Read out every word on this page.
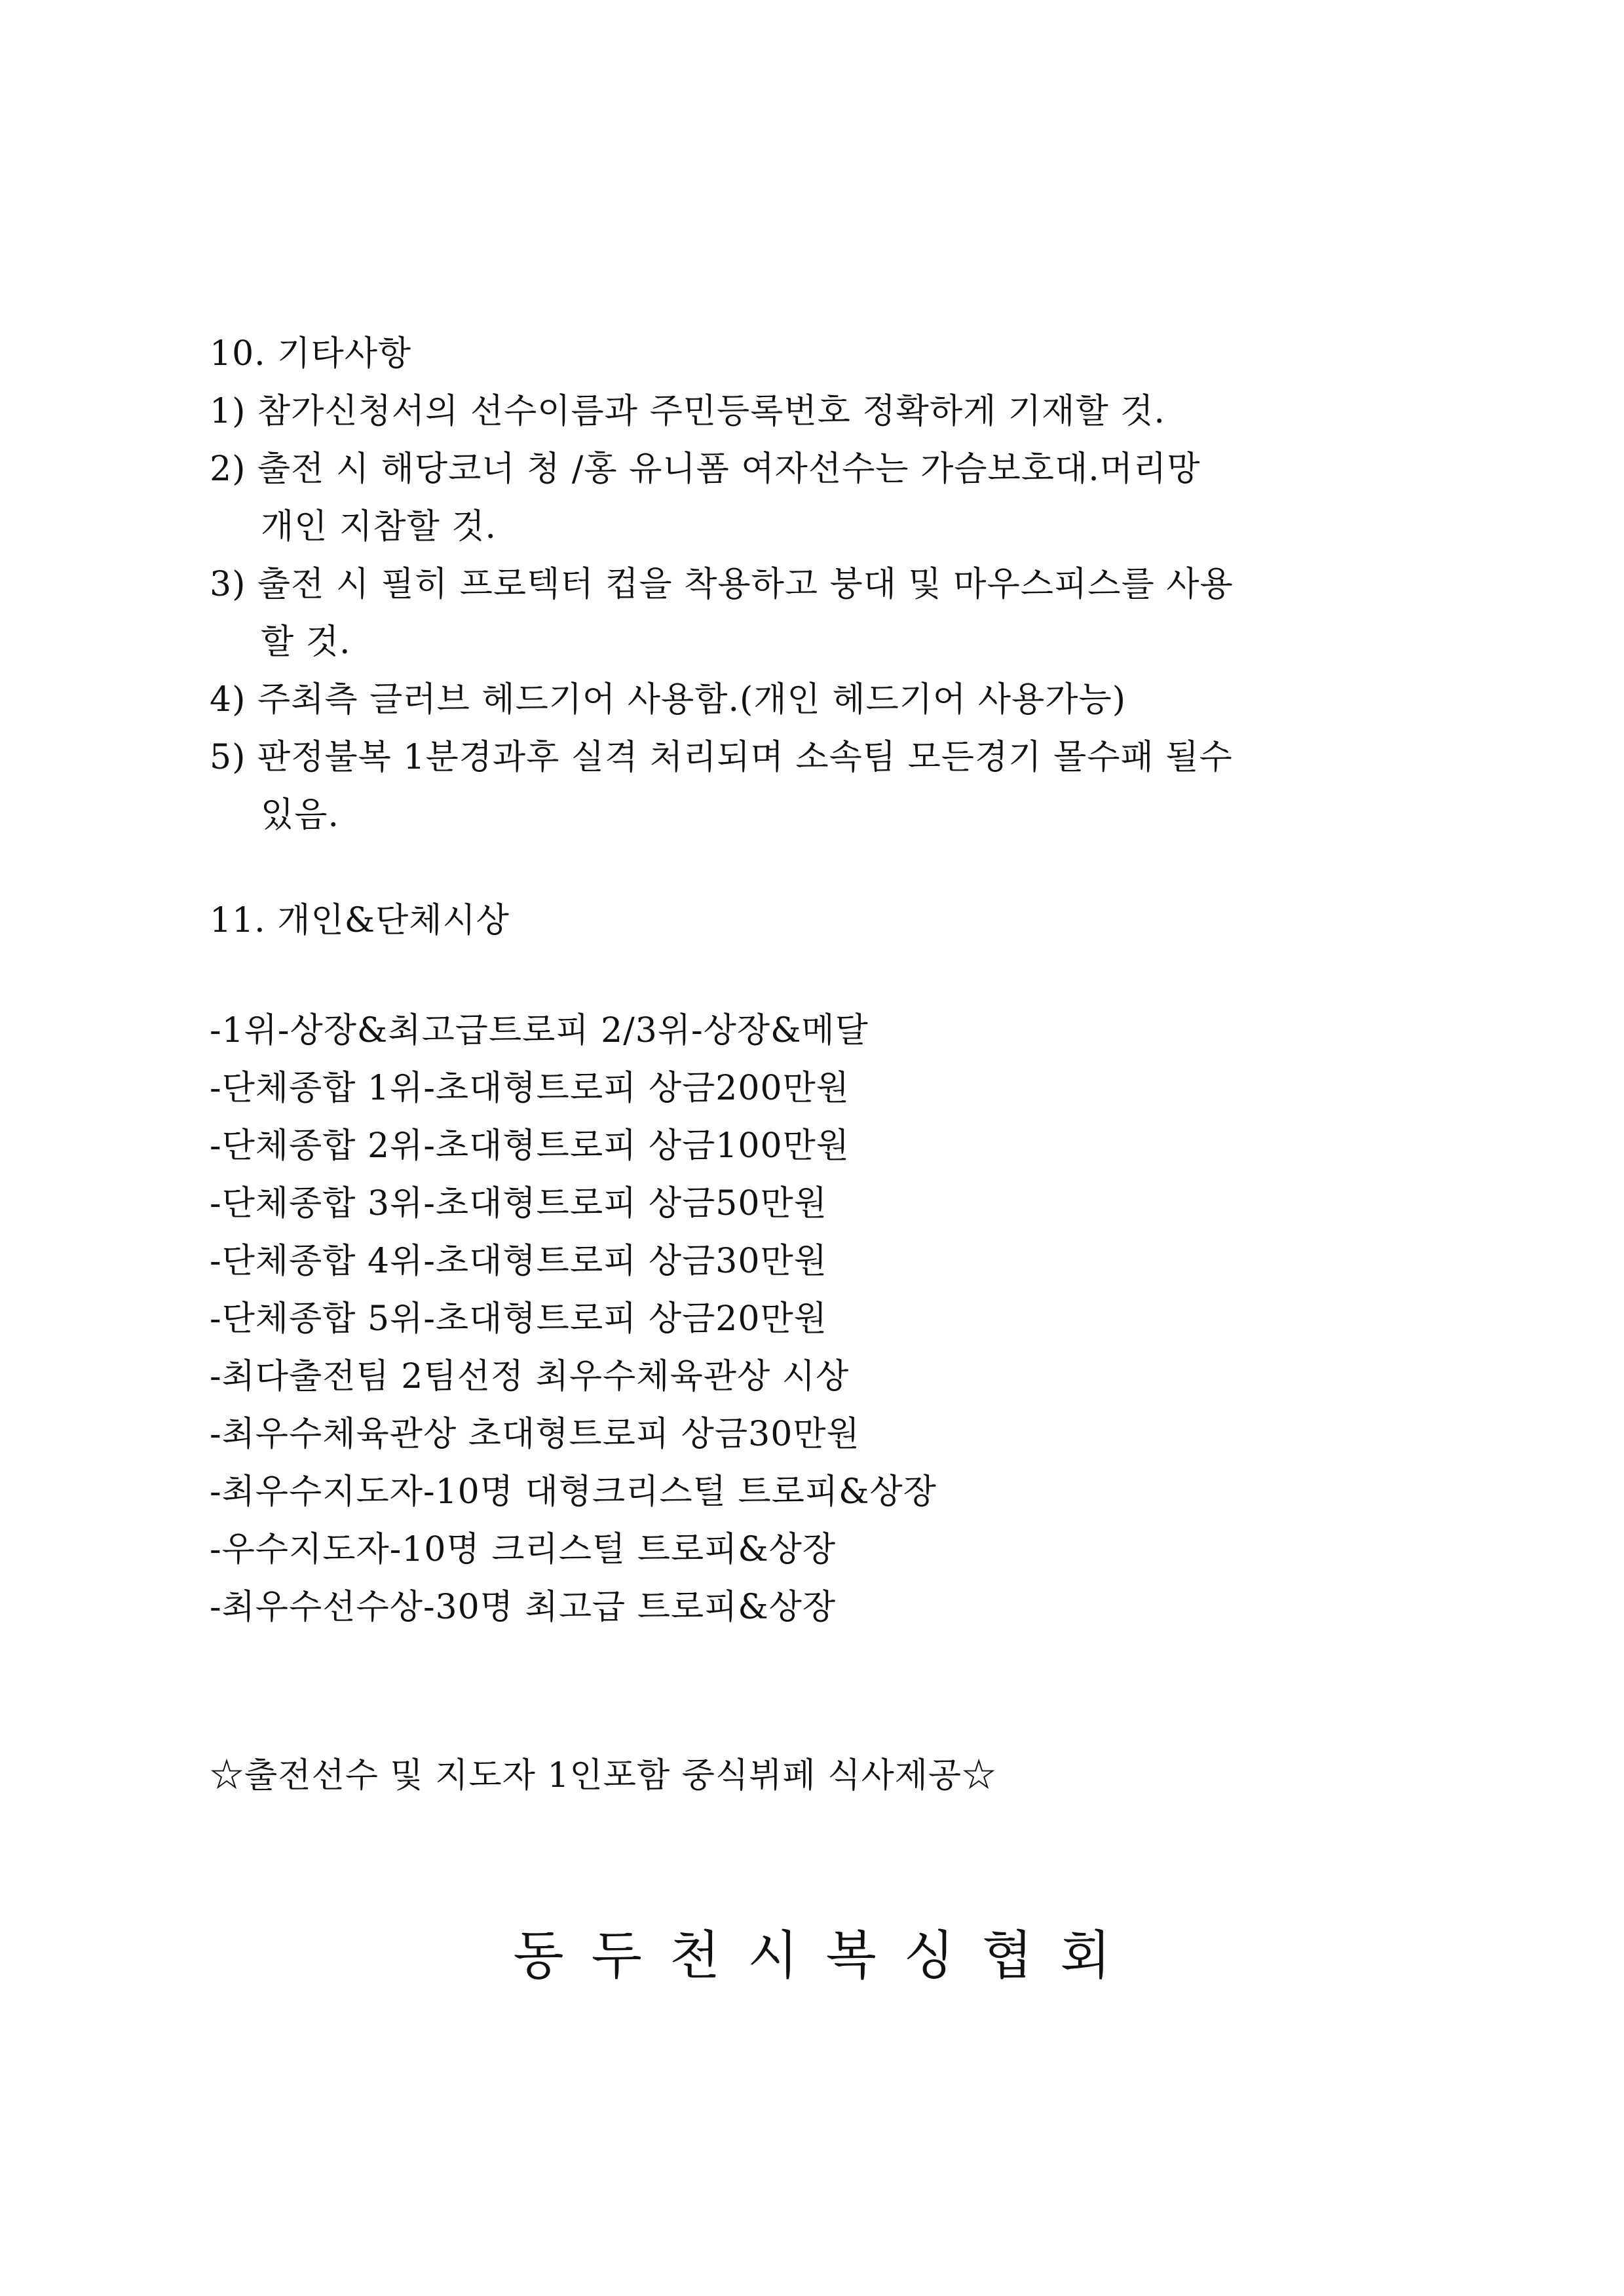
10. 기타사항
1) 참가신청서의 선수이름과 주민등록번호 정확하게 기재할 것.
2) 출전 시 해당코너 청 /홍 유니폼 여자선수는 가슴보호대.머리망
개인 지참할 것.
3) 출전 시 필히 프로텍터 컵을 착용하고 붕대 및 마우스피스를 사용
할 것.
4) 주최측 글러브 헤드기어 사용함.(개인 헤드기어 사용가능)
5) 판정불복 1분경과후 실격 처리되며 소속팀 모든경기 몰수패 될수
있음.
11. 개인&단체시상
-1위-상장&최고급트로피 2/3위-상장&메달
-단체종합 1위-초대형트로피 상금200만원
-단체종합 2위-초대형트로피 상금100만원
-단체종합 3위-초대형트로피 상금50만원
-단체종합 4위-초대형트로피 상금30만원
-단체종합 5위-초대형트로피 상금20만원
-최다출전팀 2팀선정 최우수체육관상 시상
-최우수체육관상 초대형트로피 상금30만원
-최우수지도자-10명 대형크리스털 트로피&상장
-우수지도자-10명 크리스털 트로피&상장
-최우수선수상-30명 최고급 트로피&상장
☆출전선수 및 지도자 1인포함 중식뷔페 식사제공☆
동두천시복싱협회
